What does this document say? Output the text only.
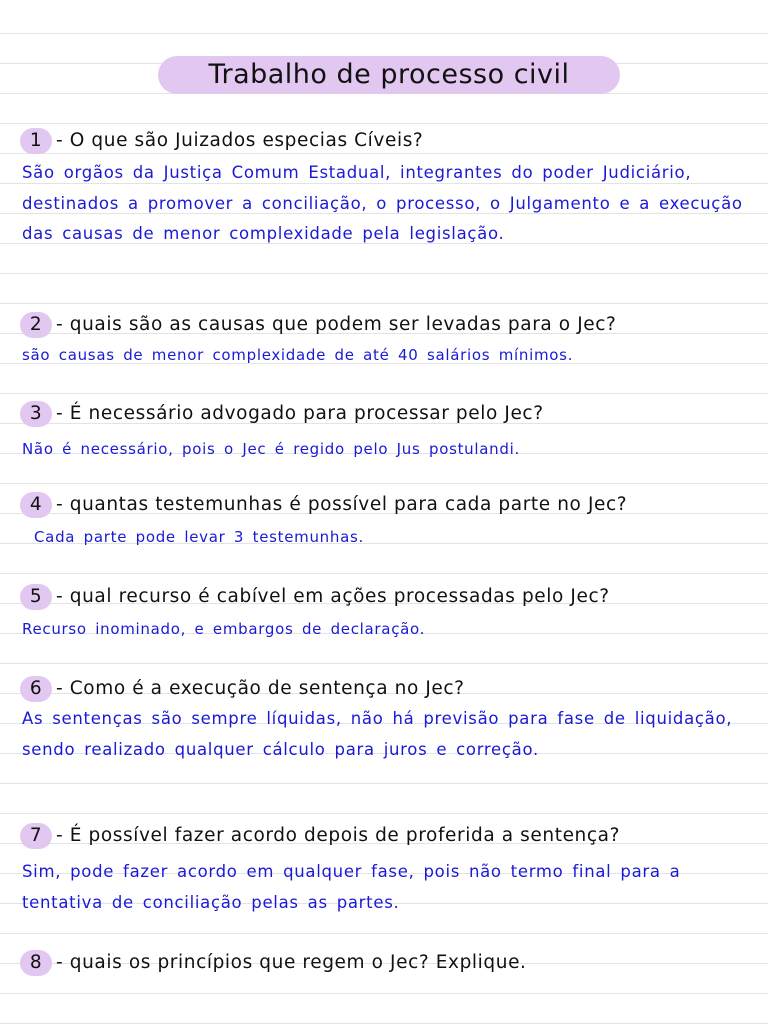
Trabalho de processo civil
1 - O que são Juizados especias Cíveis?
São orgãos da Justiça Comum Estadual, integrantes do poder Judiciário, destinados a promover a conciliação, o processo, o Julgamento e a execução das causas de menor complexidade pela legislação.
2 - quais são as causas que podem ser levadas para o Jec?
são causas de menor complexidade de até 40 salários mínimos.
3 - É necessário advogado para processar pelo Jec?
Não é necessário, pois o Jec é regido pelo Jus postulandi.
4 - quantas testemunhas é possível para cada parte no Jec?
Cada parte pode levar 3 testemunhas.
5 - qual recurso é cabível em ações processadas pelo Jec?
Recurso inominado, e embargos de declaração.
6 - Como é a execução de sentença no Jec?
As sentenças são sempre líquidas, não há previsão para fase de liquidação, sendo realizado qualquer cálculo para juros e correção.
7 - É possível fazer acordo depois de proferida a sentença?
Sim, pode fazer acordo em qualquer fase, pois não termo final para a tentativa de conciliação pelas as partes.
8 - quais os princípios que regem o Jec? Explique.
